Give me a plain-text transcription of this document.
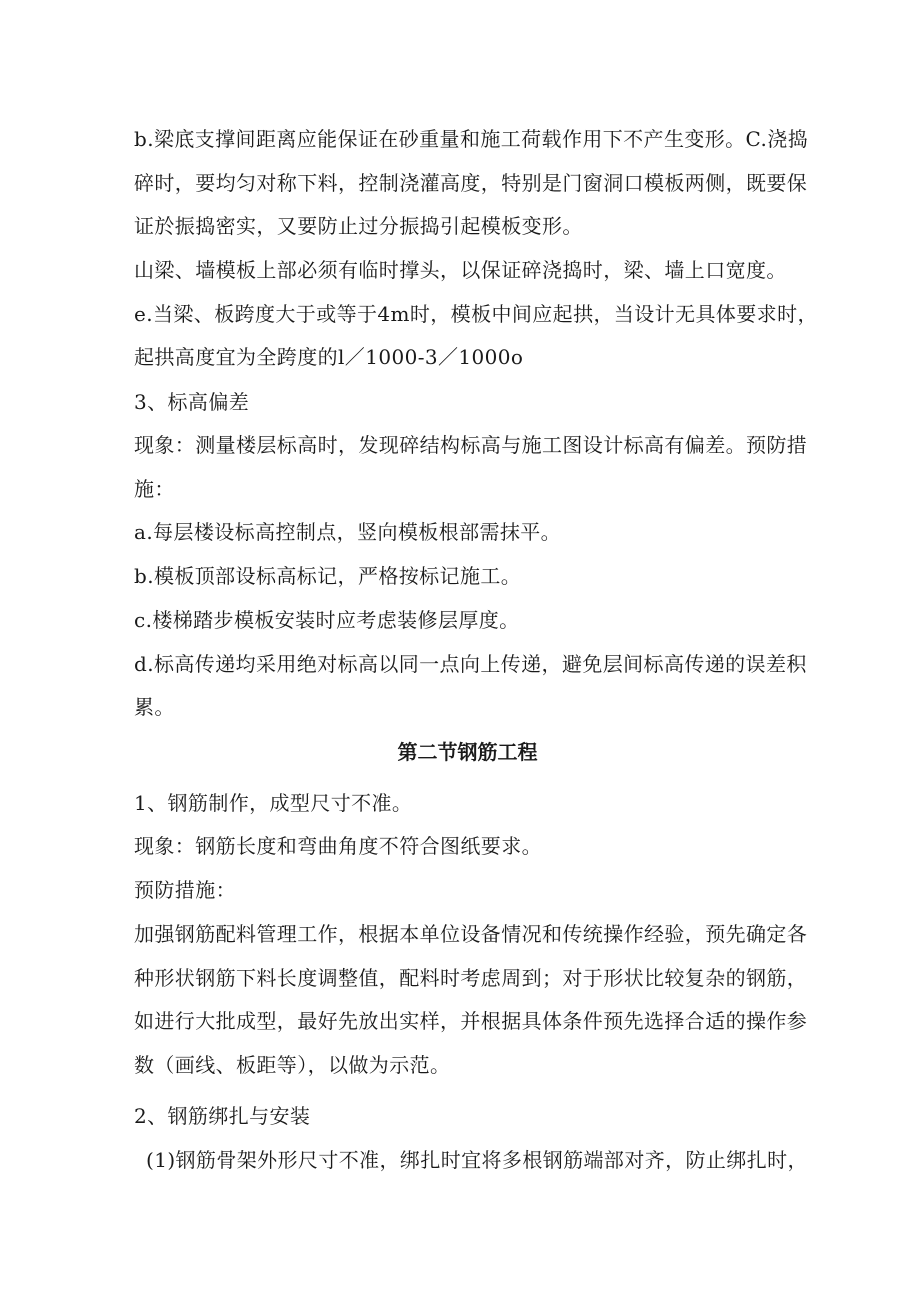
b.梁底支撑间距离应能保证在砂重量和施工荷载作用下不产生变形。C.浇捣
碎时，要均匀对称下料，控制浇灌高度，特别是门窗洞口模板两侧，既要保
证於振捣密实，又要防止过分振捣引起模板变形。
山梁、墙模板上部必须有临时撑头，以保证碎浇捣时，梁、墙上口宽度。
e.当梁、板跨度大于或等于4m时，模板中间应起拱，当设计无具体要求时，
起拱高度宜为全跨度的l／1000-3／1000o
3、标高偏差
现象：测量楼层标高时，发现碎结构标高与施工图设计标高有偏差。预防措
施：
a.每层楼设标高控制点，竖向模板根部需抹平。
b.模板顶部设标高标记，严格按标记施工。
c.楼梯踏步模板安装时应考虑装修层厚度。
d.标高传递均采用绝对标高以同一点向上传递，避免层间标高传递的误差积
累。
第二节钢筋工程
1、钢筋制作，成型尺寸不准。
现象：钢筋长度和弯曲角度不符合图纸要求。
预防措施：
加强钢筋配料管理工作，根据本单位设备情况和传统操作经验，预先确定各
种形状钢筋下料长度调整值，配料时考虑周到；对于形状比较复杂的钢筋，
如进行大批成型，最好先放出实样，并根据具体条件预先选择合适的操作参
数（画线、板距等），以做为示范。
2、钢筋绑扎与安装
(1)钢筋骨架外形尺寸不准，绑扎时宜将多根钢筋端部对齐，防止绑扎时，
